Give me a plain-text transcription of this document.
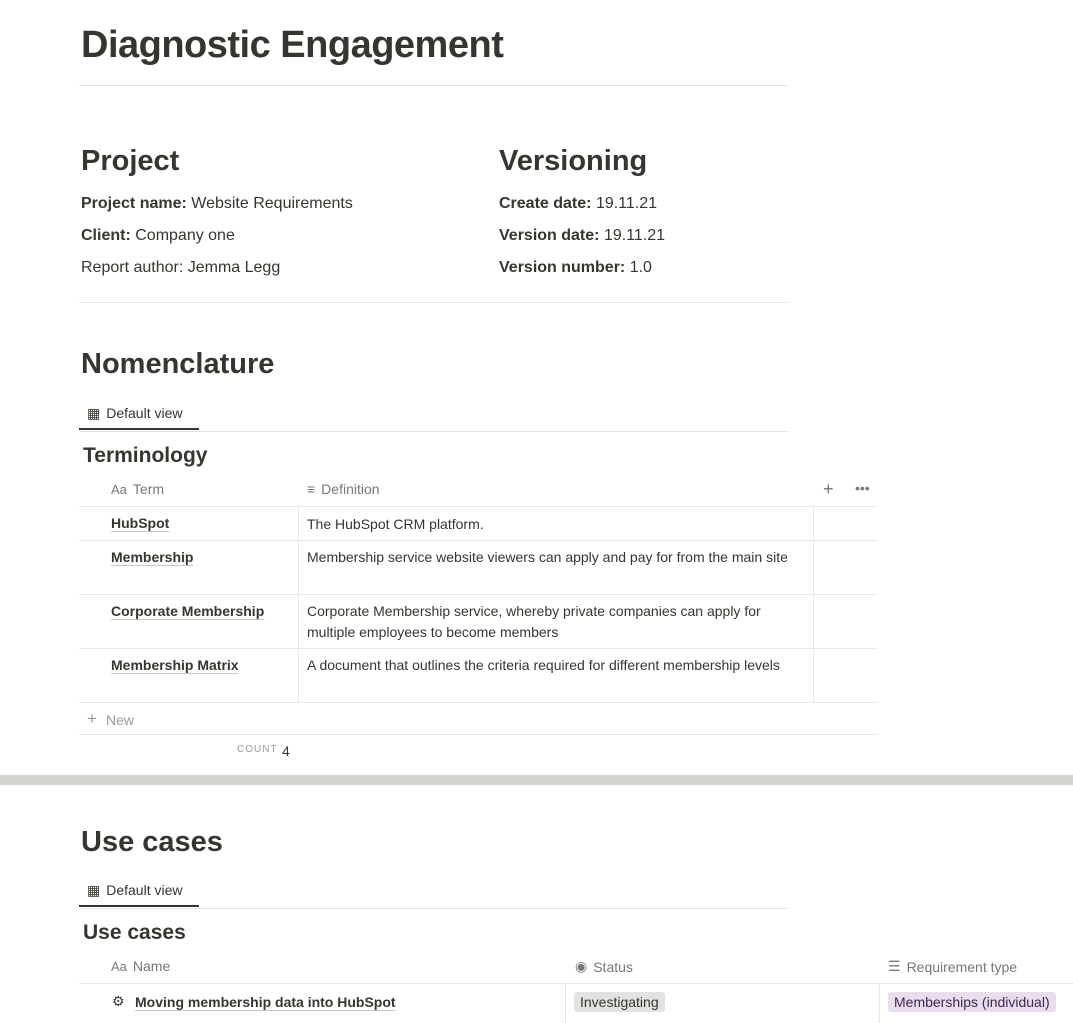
Diagnostic Engagement
Project
Project name: Website Requirements
Client: Company one
Report author: Jemma Legg
Versioning
Create date: 19.11.21
Version date: 19.11.21
Version number: 1.0
Nomenclature
▦ Default view
Terminology
Aa Term	≡ Definition	+ •••
HubSpot	The HubSpot CRM platform.
Membership	Membership service website viewers can apply and pay for from the main site
Corporate Membership	Corporate Membership service, whereby private companies can apply for multiple employees to become members
Membership Matrix	A document that outlines the criteria required for different membership levels
+ New
COUNT 4
Use cases
▦ Default view
Use cases
Aa Name	◉ Status	☰ Requirement type
⚙ Moving membership data into HubSpot	Investigating	Memberships (individual)
